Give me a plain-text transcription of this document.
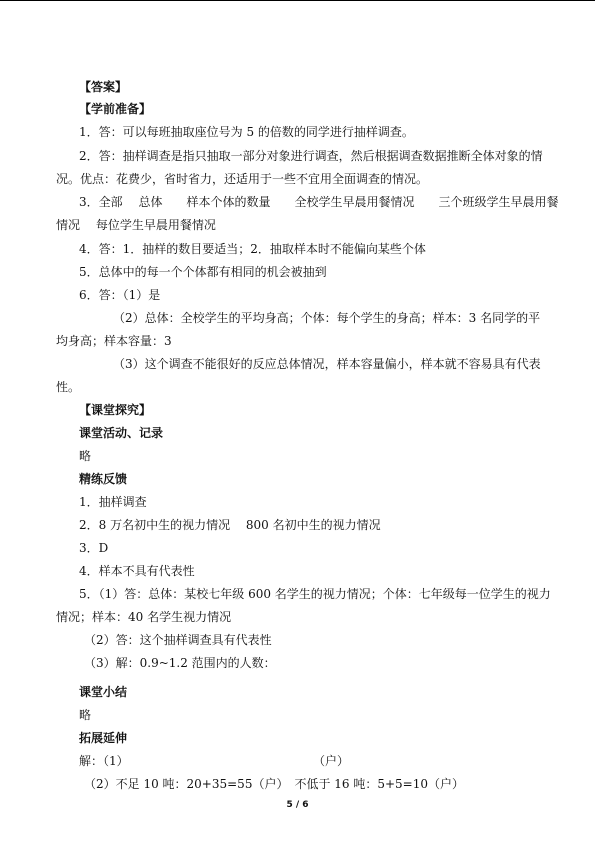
【答案】
【学前准备】
1．答：可以每班抽取座位号为 5 的倍数的同学进行抽样调查。
2．答：抽样调查是指只抽取一部分对象进行调查，然后根据调查数据推断全体对象的情
况。优点：花费少，省时省力，还适用于一些不宜用全面调查的情况。
3．全部　 总体　　样本个体的数量　　全校学生早晨用餐情况　　三个班级学生早晨用餐
情况　 每位学生早晨用餐情况
4．答：1．抽样的数目要适当；2．抽取样本时不能偏向某些个体
5．总体中的每一个个体都有相同的机会被抽到
6．答：（1）是
（2）总体：全校学生的平均身高；个体：每个学生的身高；样本：3 名同学的平
均身高；样本容量：3
（3）这个调查不能很好的反应总体情况，样本容量偏小，样本就不容易具有代表
性。
【课堂探究】
课堂活动、记录
略
精练反馈
1．抽样调查
2．8 万名初中生的视力情况　 800 名初中生的视力情况
3．D
4．样本不具有代表性
5．（1）答：总体：某校七年级 600 名学生的视力情况；个体：七年级每一位学生的视力
情况；样本：40 名学生视力情况
（2）答：这个抽样调查具有代表性
（3）解：0.9~1.2 范围内的人数：
课堂小结
略
拓展延伸
解：（1）	（户）
（2）不足 10 吨：20+35=55（户）　不低于 16 吨：5+5=10（户）
5 / 6
